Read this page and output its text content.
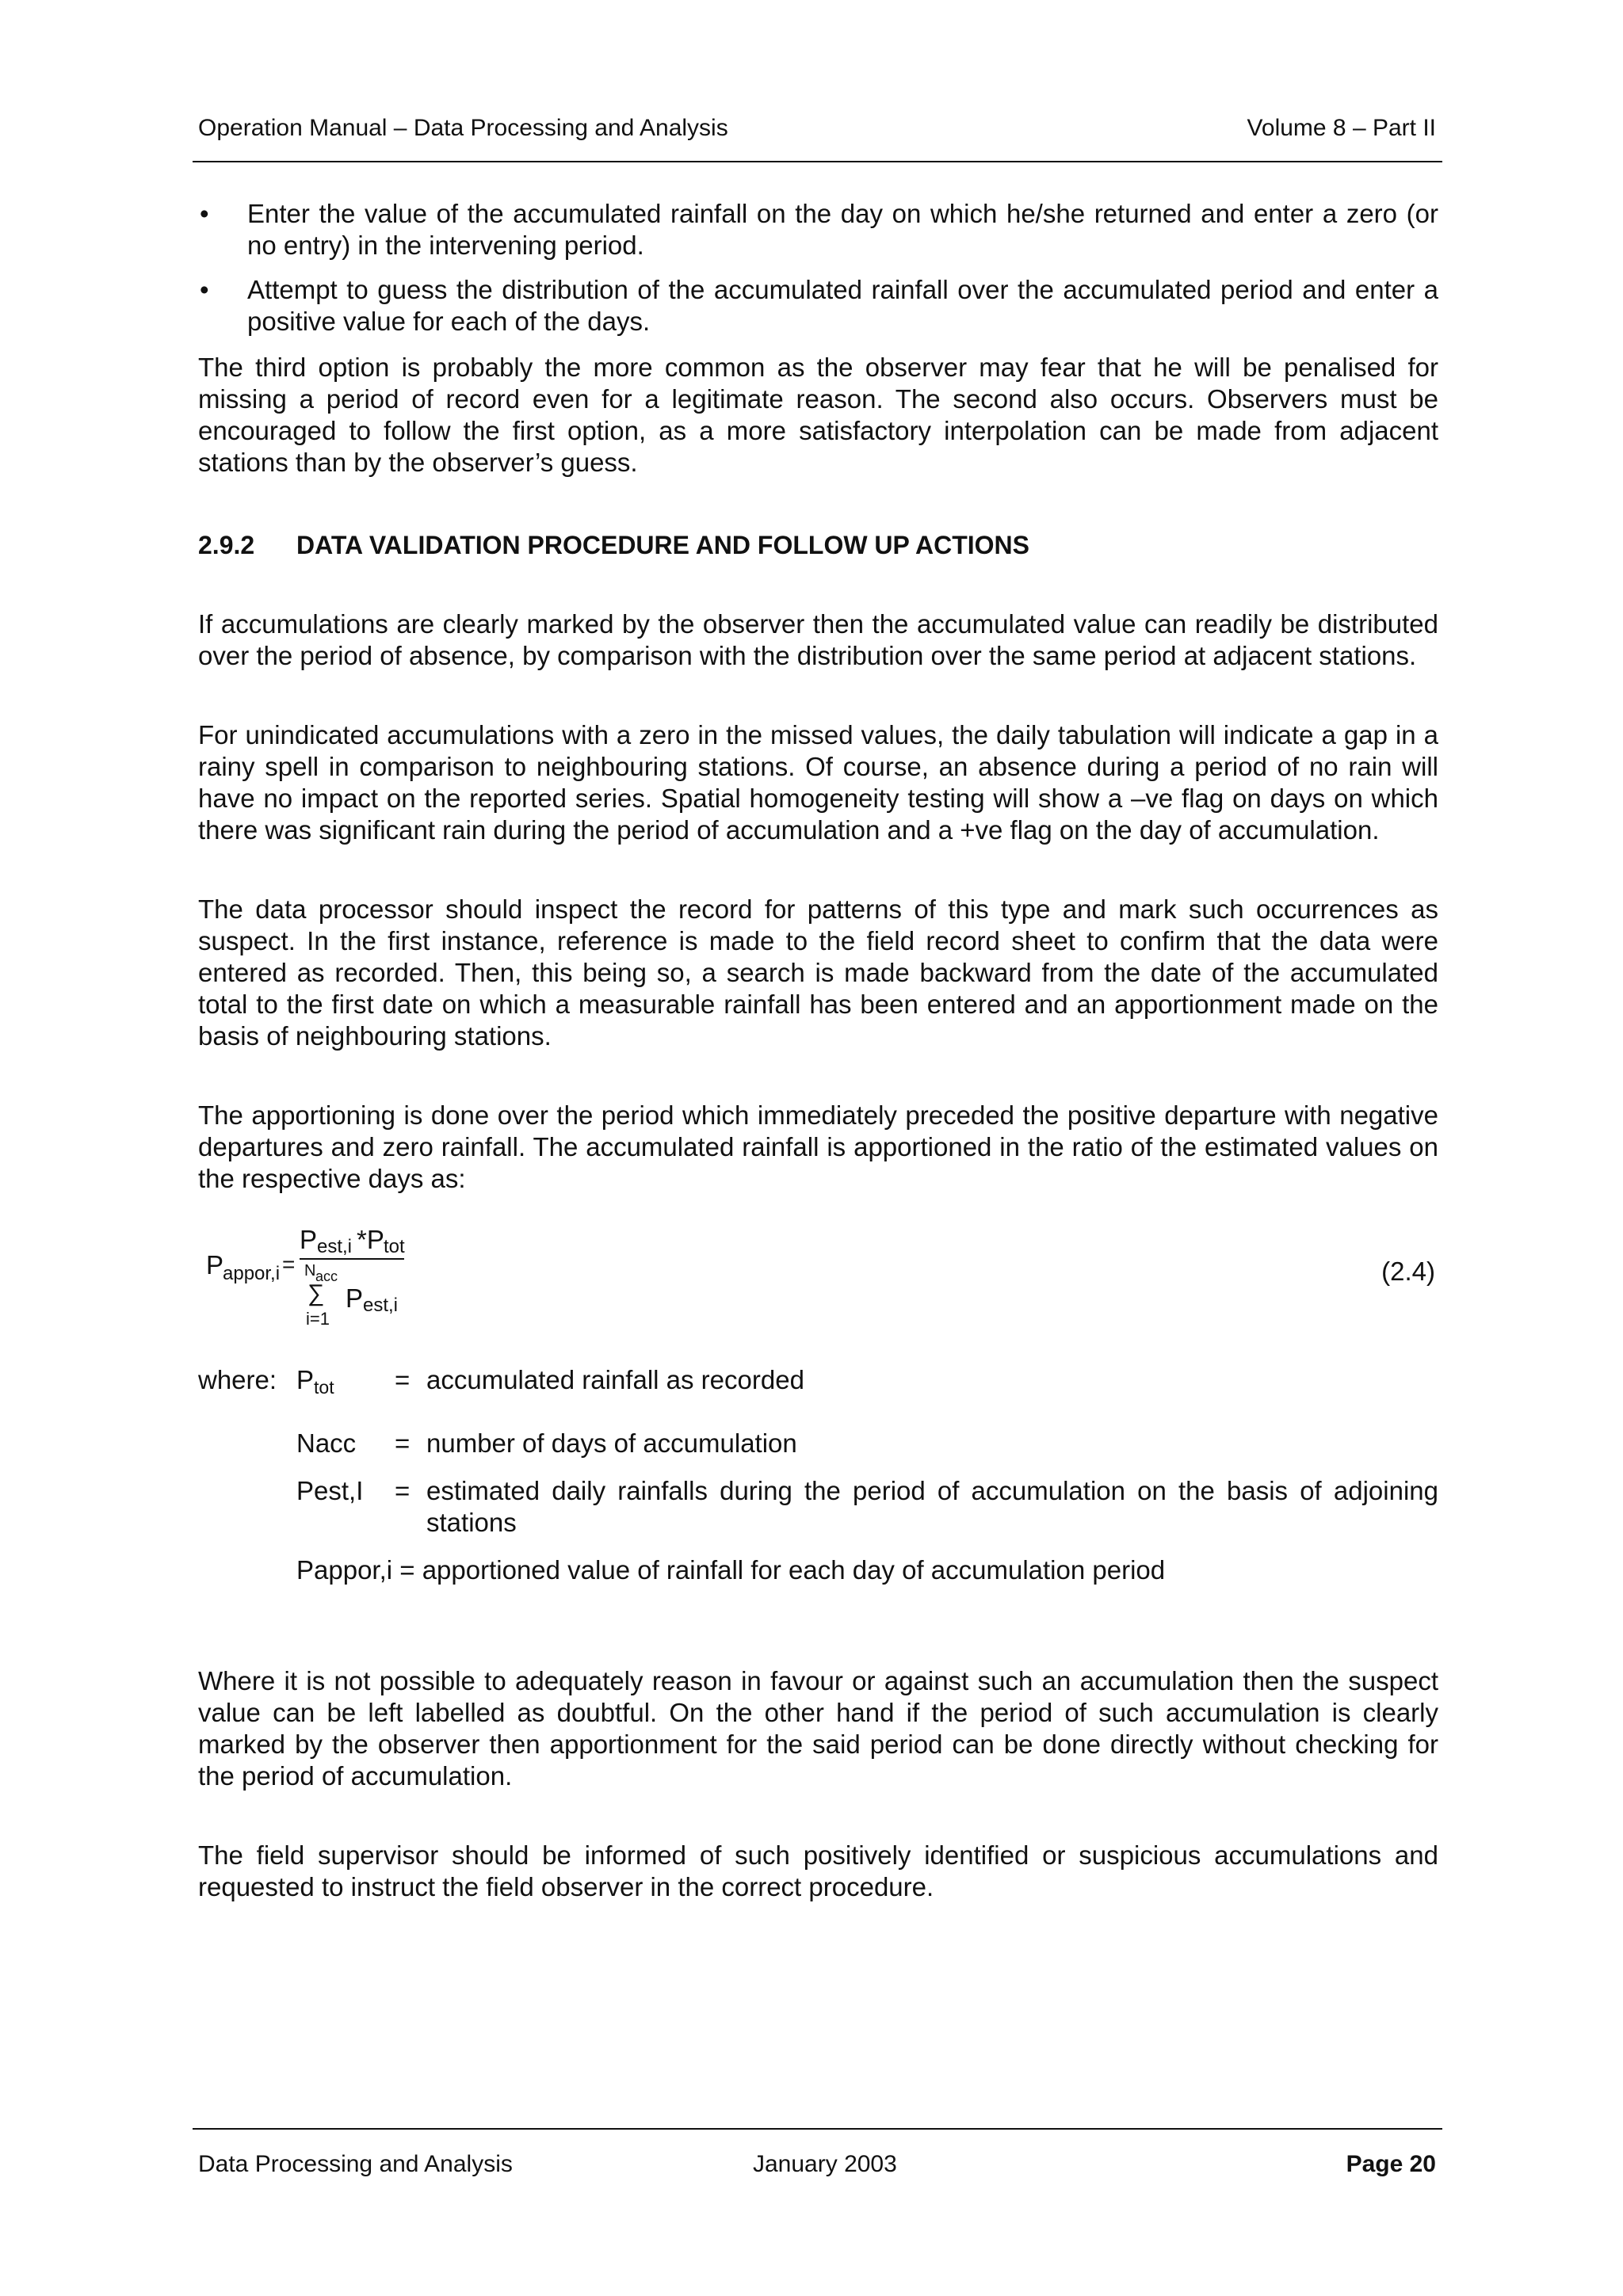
Operation Manual – Data Processing and Analysis	Volume 8 – Part II
• Enter the value of the accumulated rainfall on the day on which he/she returned and enter a zero (or no entry) in the intervening period.
• Attempt to guess the distribution of the accumulated rainfall over the accumulated period and enter a positive value for each of the days.

The third option is probably the more common as the observer may fear that he will be penalised for missing a period of record even for a legitimate reason. The second also occurs. Observers must be encouraged to follow the first option, as a more satisfactory interpolation can be made from adjacent stations than by the observer’s guess.

2.9.2 DATA VALIDATION PROCEDURE AND FOLLOW UP ACTIONS

If accumulations are clearly marked by the observer then the accumulated value can readily be distributed over the period of absence, by comparison with the distribution over the same period at adjacent stations.

For unindicated accumulations with a zero in the missed values, the daily tabulation will indicate a gap in a rainy spell in comparison to neighbouring stations. Of course, an absence during a period of no rain will have no impact on the reported series. Spatial homogeneity testing will show a –ve flag on days on which there was significant rain during the period of accumulation and a +ve flag on the day of accumulation.

The data processor should inspect the record for patterns of this type and mark such occurrences as suspect. In the first instance, reference is made to the field record sheet to confirm that the data were entered as recorded. Then, this being so, a search is made backward from the date of the accumulated total to the first date on which a measurable rainfall has been entered and an apportionment made on the basis of neighbouring stations.

The apportioning is done over the period which immediately preceded the positive departure with negative departures and zero rainfall. The accumulated rainfall is apportioned in the ratio of the estimated values on the respective days as:

P
appor,i =
P est,i *P tot
N acc
∑
i=1
P est,i
(2.4)
where: $P_{tot}$ = accumulated rainfall as recorded
Nacc = number of days of accumulation
Pest,I = estimated daily rainfalls during the period of accumulation on the basis of adjoining stations
Pappor,i = apportioned value of rainfall for each day of accumulation period

Where it is not possible to adequately reason in favour or against such an accumulation then the suspect value can be left labelled as doubtful. On the other hand if the period of such accumulation is clearly marked by the observer then apportionment for the said period can be done directly without checking for the period of accumulation.

The field supervisor should be informed of such positively identified or suspicious accumulations and requested to instruct the field observer in the correct procedure.

Data Processing and Analysis	January 2003	Page 20
